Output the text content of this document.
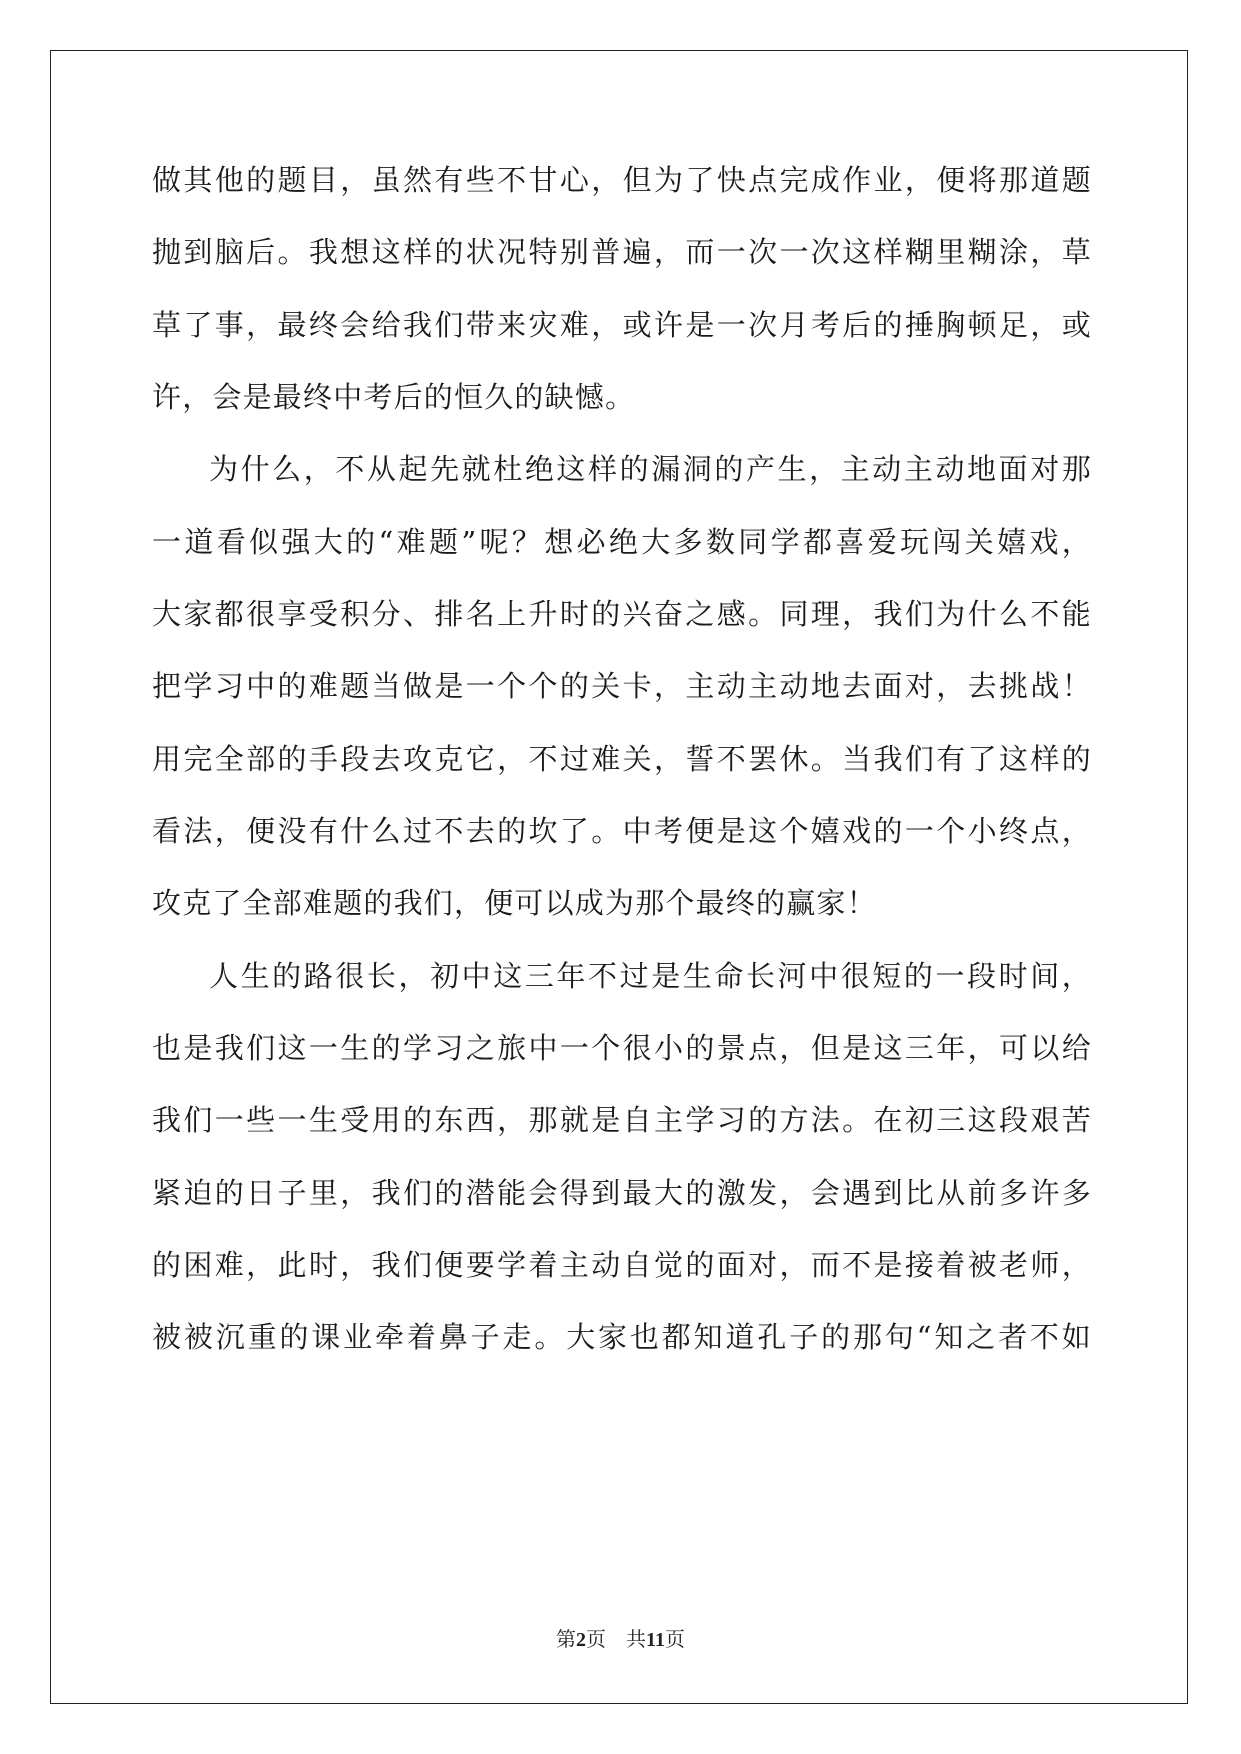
做其他的题目，虽然有些不甘心，但为了快点完成作业，便将那道题
抛到脑后。我想这样的状况特别普遍，而一次一次这样糊里糊涂，草
草了事，最终会给我们带来灾难，或许是一次月考后的捶胸顿足，或
许，会是最终中考后的恒久的缺憾。
为什么，不从起先就杜绝这样的漏洞的产生，主动主动地面对那
一道看似强大的“难题”呢？想必绝大多数同学都喜爱玩闯关嬉戏，
大家都很享受积分、排名上升时的兴奋之感。同理，我们为什么不能
把学习中的难题当做是一个个的关卡，主动主动地去面对，去挑战！
用完全部的手段去攻克它，不过难关，誓不罢休。当我们有了这样的
看法，便没有什么过不去的坎了。中考便是这个嬉戏的一个小终点，
攻克了全部难题的我们，便可以成为那个最终的赢家！
人生的路很长，初中这三年不过是生命长河中很短的一段时间，
也是我们这一生的学习之旅中一个很小的景点，但是这三年，可以给
我们一些一生受用的东西，那就是自主学习的方法。在初三这段艰苦
紧迫的日子里，我们的潜能会得到最大的激发，会遇到比从前多许多
的困难，此时，我们便要学着主动自觉的面对，而不是接着被老师，
被被沉重的课业牵着鼻子走。大家也都知道孔子的那句“知之者不如
第2页　共11页
